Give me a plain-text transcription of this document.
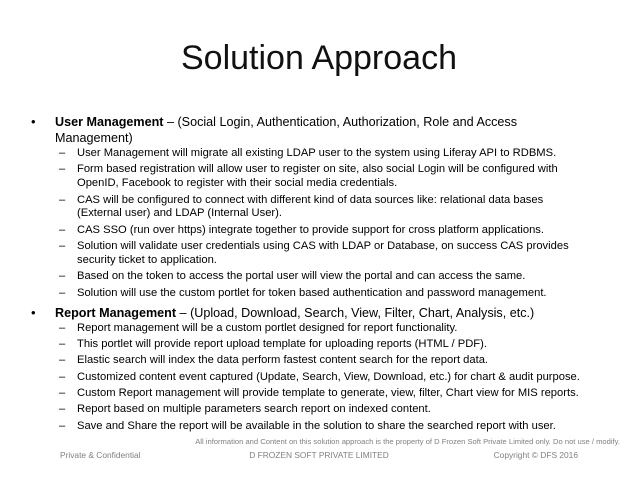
Solution Approach
•	User Management – (Social Login, Authentication, Authorization, Role and Access Management)
–	User Management will migrate all existing LDAP user to the system using Liferay API to RDBMS.
–	Form based registration will allow user to register on site, also social Login will be configured with OpenID, Facebook to register with their social media credentials.
–	CAS will be configured to connect with different kind of data sources like: relational data bases (External user) and LDAP (Internal User).
–	CAS SSO (run over https) integrate together to provide support for cross platform applications.
–	Solution will validate user credentials using CAS with LDAP or Database, on success CAS provides security ticket to application.
–	Based on the token to access the portal user will view the portal and can access the same.
–	Solution will use the custom portlet for token based authentication and password management.
•	Report Management – (Upload, Download, Search, View, Filter, Chart, Analysis, etc.)
–	Report management will be a custom portlet designed for report functionality.
–	This portlet will provide report upload template for uploading reports (HTML / PDF).
–	Elastic search will index the data perform fastest content search for the report data.
–	Customized content event captured (Update, Search, View, Download, etc.) for chart & audit purpose.
–	Custom Report management will provide template to generate, view, filter, Chart view for MIS reports.
–	Report based on multiple parameters search report on indexed content.
–	Save and Share the report will be available in the solution to share the searched report with user.
All information and Content on this solution approach is the property of D Frozen Soft Private Limited only. Do not use / modify.
Private & Confidential	D FROZEN SOFT PRIVATE LIMITED	Copyright © DFS 2016
